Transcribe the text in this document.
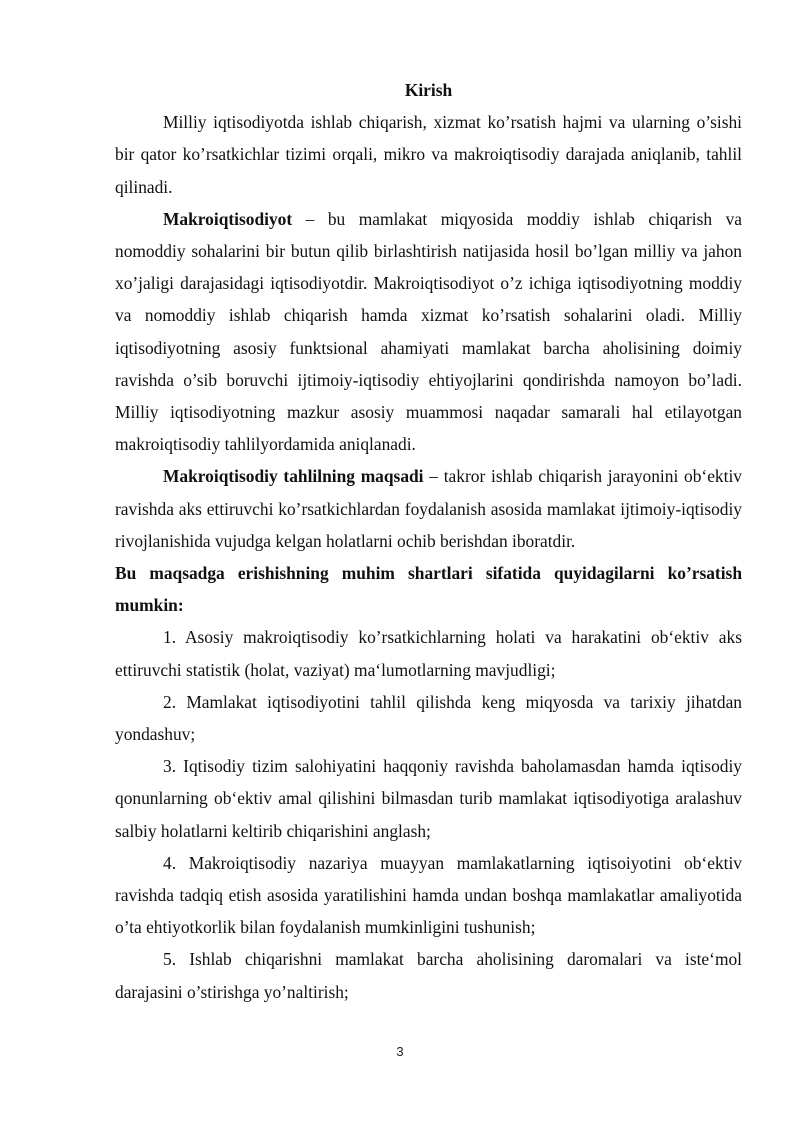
Kirish

Milliy iqtisodiyotda ishlab chiqarish, xizmat ko’rsatish hajmi va ularning o’sishi bir qator ko’rsatkichlar tizimi orqali, mikro va makroiqtisodiy darajada aniqlanib, tahlil qilinadi.

Makroiqtisodiyot – bu mamlakat miqyosida moddiy ishlab chiqarish va nomoddiy sohalarini bir butun qilib birlashtirish natijasida hosil bo’lgan milliy va jahon xo’jaligi darajasidagi iqtisodiyotdir. Makroiqtisodiyot o’z ichiga iqtisodiyotning moddiy va nomoddiy ishlab chiqarish hamda xizmat ko’rsatish sohalarini oladi. Milliy iqtisodiyotning asosiy funktsional ahamiyati mamlakat barcha aholisining doimiy ravishda o’sib boruvchi ijtimoiy-iqtisodiy ehtiyojlarini qondirishda namoyon bo’ladi. Milliy iqtisodiyotning mazkur asosiy muammosi naqadar samarali hal etilayotgan makroiqtisodiy tahlilyordamida aniqlanadi.

Makroiqtisodiy tahlilning maqsadi – takror ishlab chiqarish jarayonini ob‘ektiv ravishda aks ettiruvchi ko’rsatkichlardan foydalanish asosida mamlakat ijtimoiy-iqtisodiy rivojlanishida vujudga kelgan holatlarni ochib berishdan iboratdir.

Bu maqsadga erishishning muhim shartlari sifatida quyidagilarni ko’rsatish mumkin:

1. Asosiy makroiqtisodiy ko’rsatkichlarning holati va harakatini ob‘ektiv aks ettiruvchi statistik (holat, vaziyat) ma‘lumotlarning mavjudligi;

2. Mamlakat iqtisodiyotini tahlil qilishda keng miqyosda va tarixiy jihatdan yondashuv;

3. Iqtisodiy tizim salohiyatini haqqoniy ravishda baholamasdan hamda iqtisodiy qonunlarning ob‘ektiv amal qilishini bilmasdan turib mamlakat iqtisodiyotiga aralashuv salbiy holatlarni keltirib chiqarishini anglash;

4. Makroiqtisodiy nazariya muayyan mamlakatlarning iqtisoiyotini ob‘ektiv ravishda tadqiq etish asosida yaratilishini hamda undan boshqa mamlakatlar amaliyotida o’ta ehtiyotkorlik bilan foydalanish mumkinligini tushunish;

5. Ishlab chiqarishni mamlakat barcha aholisining daromalari va iste‘mol darajasini o’stirishga yo’naltirish;

3
